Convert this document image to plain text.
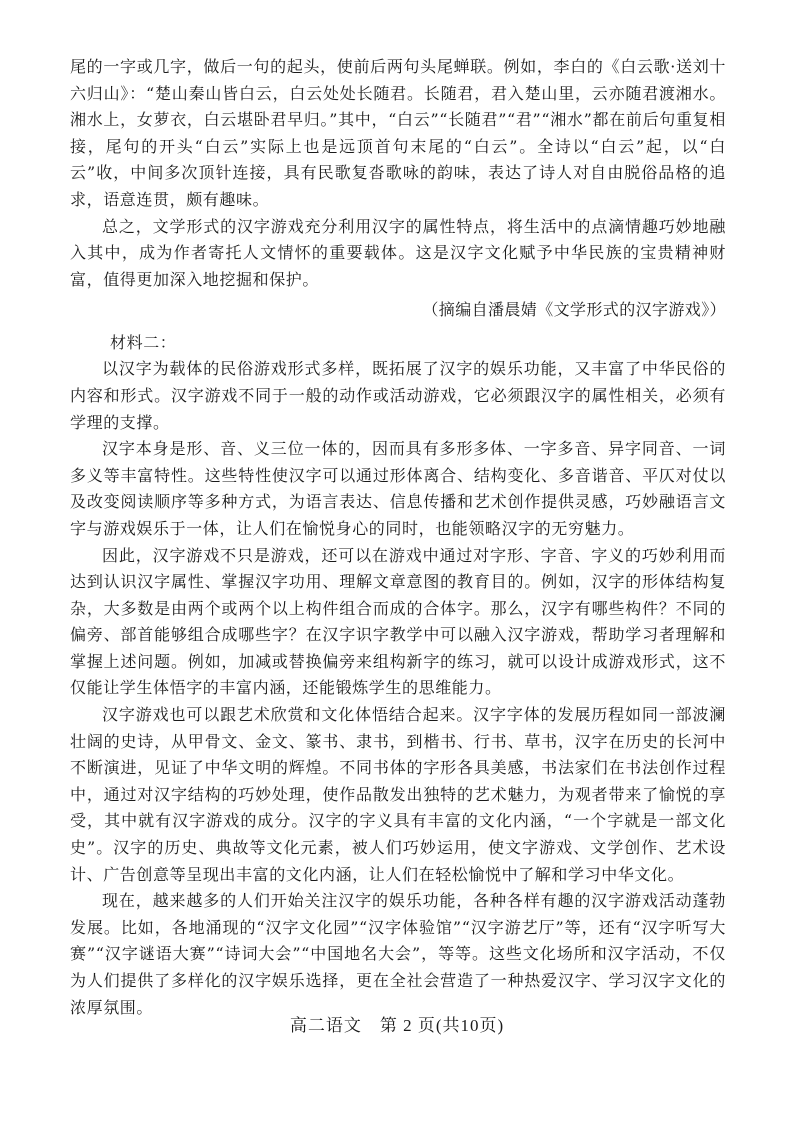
尾的一字或几字，做后一句的起头，使前后两句头尾蝉联。例如，李白的《白云歌·送刘十六归山》：“楚山秦山皆白云，白云处处长随君。长随君，君入楚山里，云亦随君渡湘水。湘水上，女萝衣，白云堪卧君早归。”其中，“白云”“长随君”“君”“湘水”都在前后句重复相接，尾句的开头“白云”实际上也是远顶首句末尾的“白云”。全诗以“白云”起，以“白云”收，中间多次顶针连接，具有民歌复沓歌咏的韵味，表达了诗人对自由脱俗品格的追求，语意连贯，颇有趣味。

总之，文学形式的汉字游戏充分利用汉字的属性特点，将生活中的点滴情趣巧妙地融入其中，成为作者寄托人文情怀的重要载体。这是汉字文化赋予中华民族的宝贵精神财富，值得更加深入地挖掘和保护。

（摘编自潘晨婧《文学形式的汉字游戏》）

材料二：

以汉字为载体的民俗游戏形式多样，既拓展了汉字的娱乐功能，又丰富了中华民俗的内容和形式。汉字游戏不同于一般的动作或活动游戏，它必须跟汉字的属性相关，必须有学理的支撑。

汉字本身是形、音、义三位一体的，因而具有多形多体、一字多音、异字同音、一词多义等丰富特性。这些特性使汉字可以通过形体离合、结构变化、多音谐音、平仄对仗以及改变阅读顺序等多种方式，为语言表达、信息传播和艺术创作提供灵感，巧妙融语言文字与游戏娱乐于一体，让人们在愉悦身心的同时，也能领略汉字的无穷魅力。

因此，汉字游戏不只是游戏，还可以在游戏中通过对字形、字音、字义的巧妙利用而达到认识汉字属性、掌握汉字功用、理解文章意图的教育目的。例如，汉字的形体结构复杂，大多数是由两个或两个以上构件组合而成的合体字。那么，汉字有哪些构件？不同的偏旁、部首能够组合成哪些字？在汉字识字教学中可以融入汉字游戏，帮助学习者理解和掌握上述问题。例如，加减或替换偏旁来组构新字的练习，就可以设计成游戏形式，这不仅能让学生体悟字的丰富内涵，还能锻炼学生的思维能力。

汉字游戏也可以跟艺术欣赏和文化体悟结合起来。汉字字体的发展历程如同一部波澜壮阔的史诗，从甲骨文、金文、篆书、隶书，到楷书、行书、草书，汉字在历史的长河中不断演进，见证了中华文明的辉煌。不同书体的字形各具美感，书法家们在书法创作过程中，通过对汉字结构的巧妙处理，使作品散发出独特的艺术魅力，为观者带来了愉悦的享受，其中就有汉字游戏的成分。汉字的字义具有丰富的文化内涵，“一个字就是一部文化史”。汉字的历史、典故等文化元素，被人们巧妙运用，使文字游戏、文学创作、艺术设计、广告创意等呈现出丰富的文化内涵，让人们在轻松愉悦中了解和学习中华文化。

现在，越来越多的人们开始关注汉字的娱乐功能，各种各样有趣的汉字游戏活动蓬勃发展。比如，各地涌现的“汉字文化园”“汉字体验馆”“汉字游艺厅”等，还有“汉字听写大赛”“汉字谜语大赛”“诗词大会”“中国地名大会”，等等。这些文化场所和汉字活动，不仅为人们提供了多样化的汉字娱乐选择，更在全社会营造了一种热爱汉字、学习汉字文化的浓厚氛围。

高二语文　第 2 页(共10页)
